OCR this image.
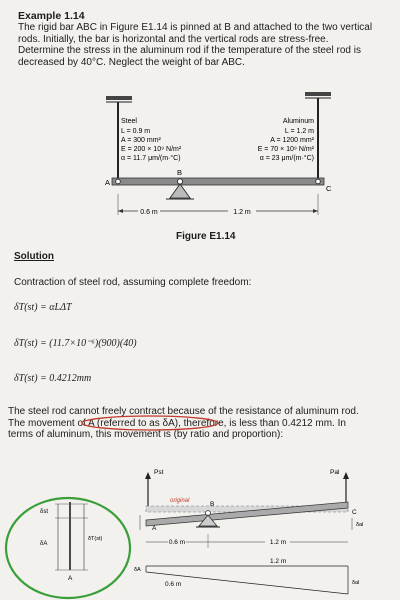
Example 1.14
The rigid bar ABC in Figure E1.14 is pinned at B and attached to the two vertical
rods. Initially, the bar is horizontal and the vertical rods are stress-free.
Determine the stress in the aluminum rod if the temperature of the steel rod is
decreased by 40°C. Neglect the weight of bar ABC.
Steel
L = 0.9 m
A = 300 mm²
E = 200 × 10⁹ N/m²
α = 11.7 μm/(m·°C)
Aluminum
L = 1.2 m
A = 1200 mm²
E = 70 × 10⁹ N/m²
α = 23 μm/(m·°C)
A
B
C
0.6 m	1.2 m
Figure E1.14
Solution
Contraction of steel rod, assuming complete freedom:
δT(st) = αLΔT
δT(st) = (11.7×10⁻⁶)(900)(40)
δT(st) = 0.4212mm
The steel rod cannot freely contract because of the resistance of aluminum rod.
The movement of A (referred to as δA), therefore, is less than 0.4212 mm. In
terms of aluminum, this movement is (by ratio and proportion):
δst
δA
δT(st)
A
Pst	Pal
original	B
A
C
δal
0.6 m	1.2 m
δA
δal
1.2 m
0.6 m
